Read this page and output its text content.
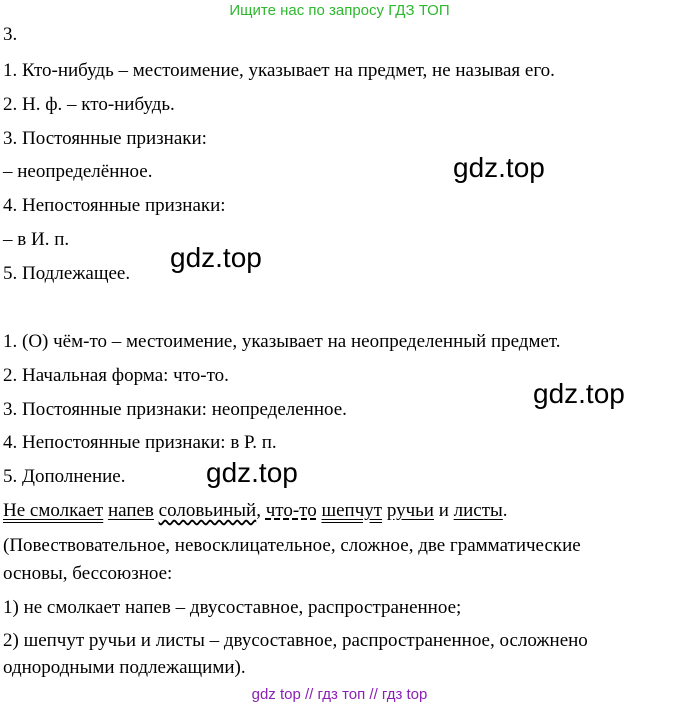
Ищите нас по запросу ГДЗ ТОП
3.
1. Кто-нибудь – местоимение, указывает на предмет, не называя его.
2. Н. ф. – кто-нибудь.
3. Постоянные признаки:
– неопределённое.
4. Непостоянные признаки:
– в И. п.
5. Подлежащее.
1. (О) чём-то – местоимение, указывает на неопределенный предмет.
2. Начальная форма: что-то.
3. Постоянные признаки: неопределенное.
4. Непостоянные признаки: в Р. п.
5. Дополнение.
Не смолкает напев соловьиный, что-то шепчут ручьи и листы.
(Повествовательное, невосклицательное, сложное, две грамматические
основы, бессоюзное:
1) не смолкает напев – двусоставное, распространенное;
2) шепчут ручьи и листы – двусоставное, распространенное, осложнено
однородными подлежащими).
gdz.top
gdz.top
gdz.top
gdz.top
gdz top // гдз топ // гдз top
